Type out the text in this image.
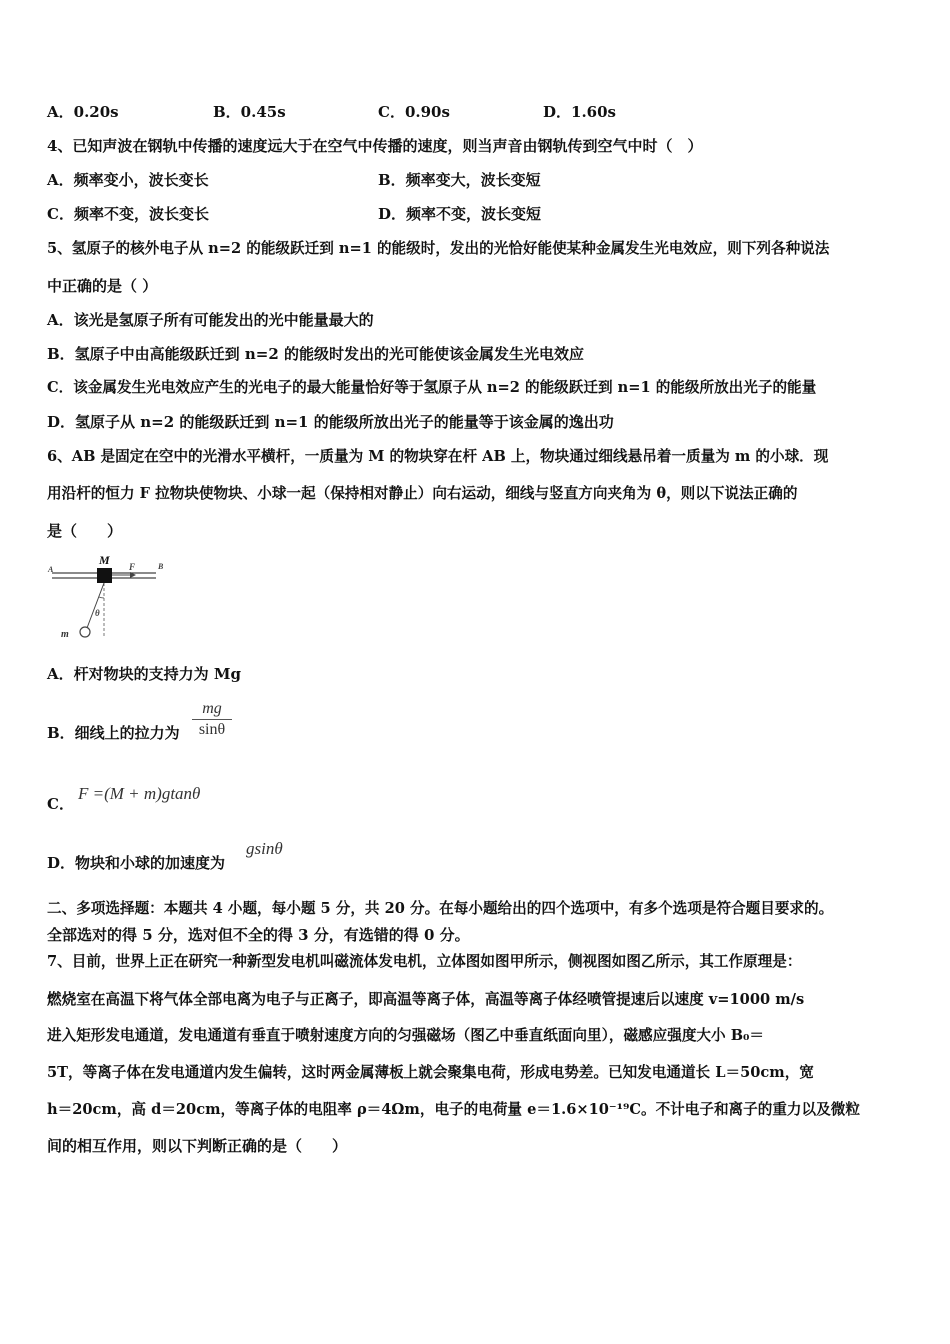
A．0.20s	B．0.45s	C．0.90s	D．1.60s
4、已知声波在钢轨中传播的速度远大于在空气中传播的速度，则当声音由钢轨传到空气中时（　）
A．频率变小，波长变长	B．频率变大，波长变短
C．频率不变，波长变长	D．频率不变，波长变短
5、氢原子的核外电子从 n=2 的能级跃迁到 n=1 的能级时，发出的光恰好能使某种金属发生光电效应，则下列各种说法
中正确的是（ ）
A．该光是氢原子所有可能发出的光中能量最大的
B．氢原子中由高能级跃迁到 n=2 的能级时发出的光可能使该金属发生光电效应
C．该金属发生光电效应产生的光电子的最大能量恰好等于氢原子从 n=2 的能级跃迁到 n=1 的能级所放出光子的能量
D．氢原子从 n=2 的能级跃迁到 n=1 的能级所放出光子的能量等于该金属的逸出功
6、AB 是固定在空中的光滑水平横杆，一质量为 M 的物块穿在杆 AB 上，物块通过细线悬吊着一质量为 m 的小球．现
用沿杆的恒力 F 拉物块使物块、小球一起（保持相对静止）向右运动，细线与竖直方向夹角为 θ，则以下说法正确的
是（　　）
A	B
M F
θ
m
A．杆对物块的支持力为 Mg
B．细线上的拉力为 $\frac{mg}{\sin\theta}$
C．
F =(M + m)gtanθ
D．物块和小球的加速度为
gsinθ
二、多项选择题：本题共 4 小题，每小题 5 分，共 20 分。在每小题给出的四个选项中，有多个选项是符合题目要求的。
全部选对的得 5 分，选对但不全的得 3 分，有选错的得 0 分。
7、目前，世界上正在研究一种新型发电机叫磁流体发电机，立体图如图甲所示，侧视图如图乙所示，其工作原理是：
燃烧室在高温下将气体全部电离为电子与正离子，即高温等离子体，高温等离子体经喷管提速后以速度 v=1000 m/s
进入矩形发电通道，发电通道有垂直于喷射速度方向的匀强磁场（图乙中垂直纸面向里），磁感应强度大小 B₀＝
5T，等离子体在发电通道内发生偏转，这时两金属薄板上就会聚集电荷，形成电势差。已知发电通道长 L＝50cm，宽
h＝20cm，高 d＝20cm，等离子体的电阻率 ρ＝4Ωm，电子的电荷量 e＝1.6×10⁻¹⁹C。不计电子和离子的重力以及微粒
间的相互作用，则以下判断正确的是（　　）
